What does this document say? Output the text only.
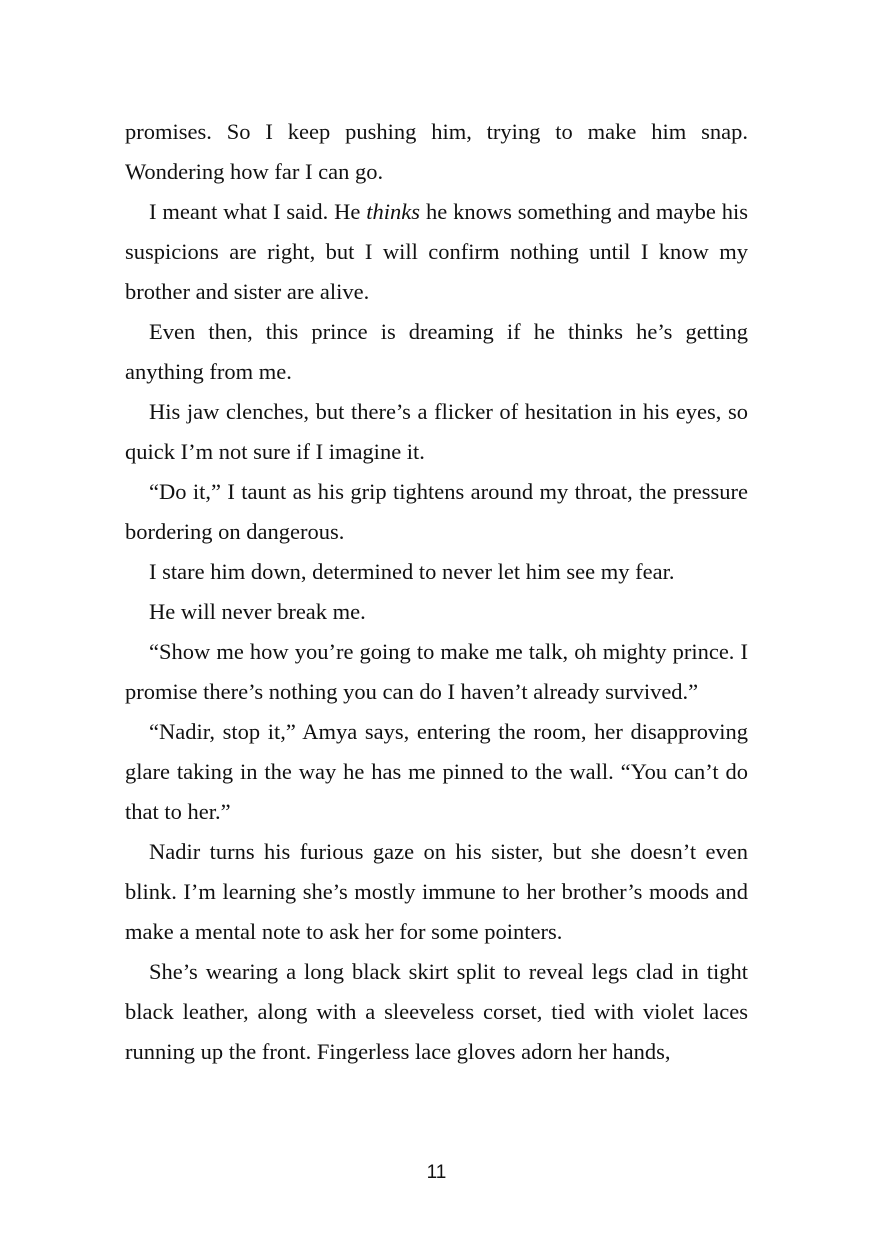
promises. So I keep pushing him, trying to make him snap. Wondering how far I can go.

I meant what I said. He thinks he knows something and maybe his suspicions are right, but I will confirm nothing until I know my brother and sister are alive.

Even then, this prince is dreaming if he thinks he’s getting anything from me.

His jaw clenches, but there’s a flicker of hesitation in his eyes, so quick I’m not sure if I imagine it.

“Do it,” I taunt as his grip tightens around my throat, the pressure bordering on dangerous.

I stare him down, determined to never let him see my fear.

He will never break me.

“Show me how you’re going to make me talk, oh mighty prince. I promise there’s nothing you can do I haven’t already survived.”

“Nadir, stop it,” Amya says, entering the room, her disapproving glare taking in the way he has me pinned to the wall. “You can’t do that to her.”

Nadir turns his furious gaze on his sister, but she doesn’t even blink. I’m learning she’s mostly immune to her brother’s moods and make a mental note to ask her for some pointers.

She’s wearing a long black skirt split to reveal legs clad in tight black leather, along with a sleeveless corset, tied with violet laces running up the front. Fingerless lace gloves adorn her hands,

11
